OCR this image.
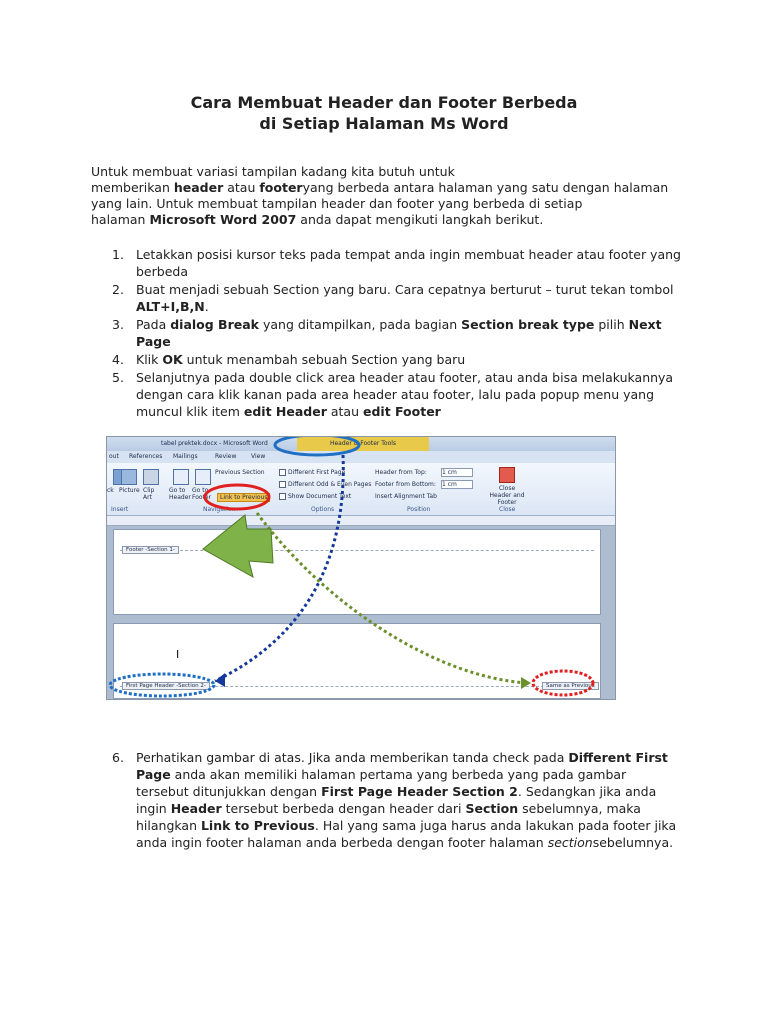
Cara Membuat Header dan Footer Berbeda
di Setiap Halaman Ms Word

Untuk membuat variasi tampilan kadang kita butuh untuk

memberikan header atau footeryang berbeda antara halaman yang satu dengan halaman

yang lain. Untuk membuat tampilan header dan footer yang berbeda di setiap

halaman Microsoft Word 2007 anda dapat mengikuti langkah berikut.

1. Letakkan posisi kursor teks pada tempat anda ingin membuat header atau footer yang berbeda
2. Buat menjadi sebuah Section yang baru. Cara cepatnya berturut – turut tekan tombol ALT+I,B,N.
3. Pada dialog Break yang ditampilkan, pada bagian Section break type pilih Next Page
4. Klik OK untuk menambah sebuah Section yang baru
5. Selanjutnya pada double click area header atau footer, atau anda bisa melakukannya dengan cara klik kanan pada area header atau footer, lalu pada popup menu yang muncul klik item edit Header atau edit Footer
tabel prektek.docx - Microsoft Word	Header & Footer Tools
out References Mailings	Review View
ck Picture Clip Art
Insert
Go to Header
Go to Footer
Previous Section
Link to Previous
Navigation
Different First Page
Different Odd & Even Pages
Show Document Text
Options
Header from Top:	1 cm
Footer from Bottom: 1 cm
Insert Alignment Tab
Position
Close Header and Footer
Close
Footer -Section 1-
I
First Page Header -Section 2-	Same as Previous
6. Perhatikan gambar di atas. Jika anda memberikan tanda check pada Different First Page anda akan memiliki halaman pertama yang berbeda yang pada gambar tersebut ditunjukkan dengan First Page Header Section 2. Sedangkan jika anda ingin Header tersebut berbeda dengan header dari Section sebelumnya, maka hilangkan Link to Previous. Hal yang sama juga harus anda lakukan pada footer jika anda ingin footer halaman anda berbeda dengan footer halaman sectionsebelumnya.
